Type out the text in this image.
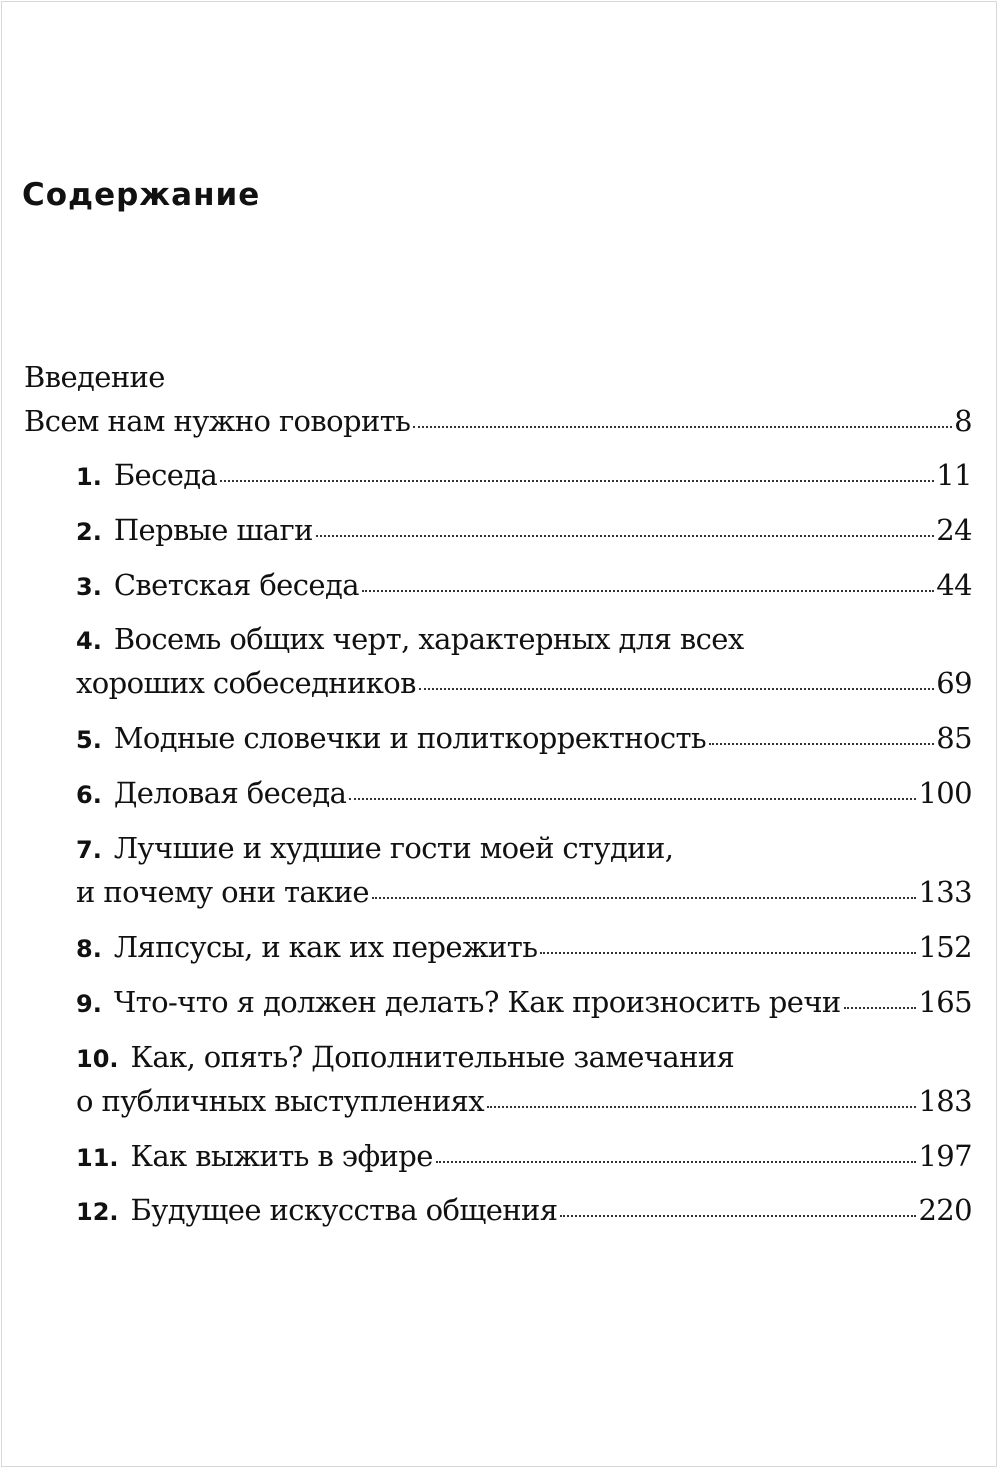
Содержание
Введение
Всем нам нужно говорить	8
1. Беседа	11
2. Первые шаги	24
3. Светская беседа	44
4. Восемь общих черт, характерных для всех
хороших собеседников	69
5. Модные словечки и политкорректность	85
6. Деловая беседа	100
7. Лучшие и худшие гости моей студии,
и почему они такие	133
8. Ляпсусы, и как их пережить	152
9. Что-что я должен делать? Как произносить речи	165
10. Как, опять? Дополнительные замечания
о публичных выступлениях	183
11. Как выжить в эфире	197
12. Будущее искусства общения	220
